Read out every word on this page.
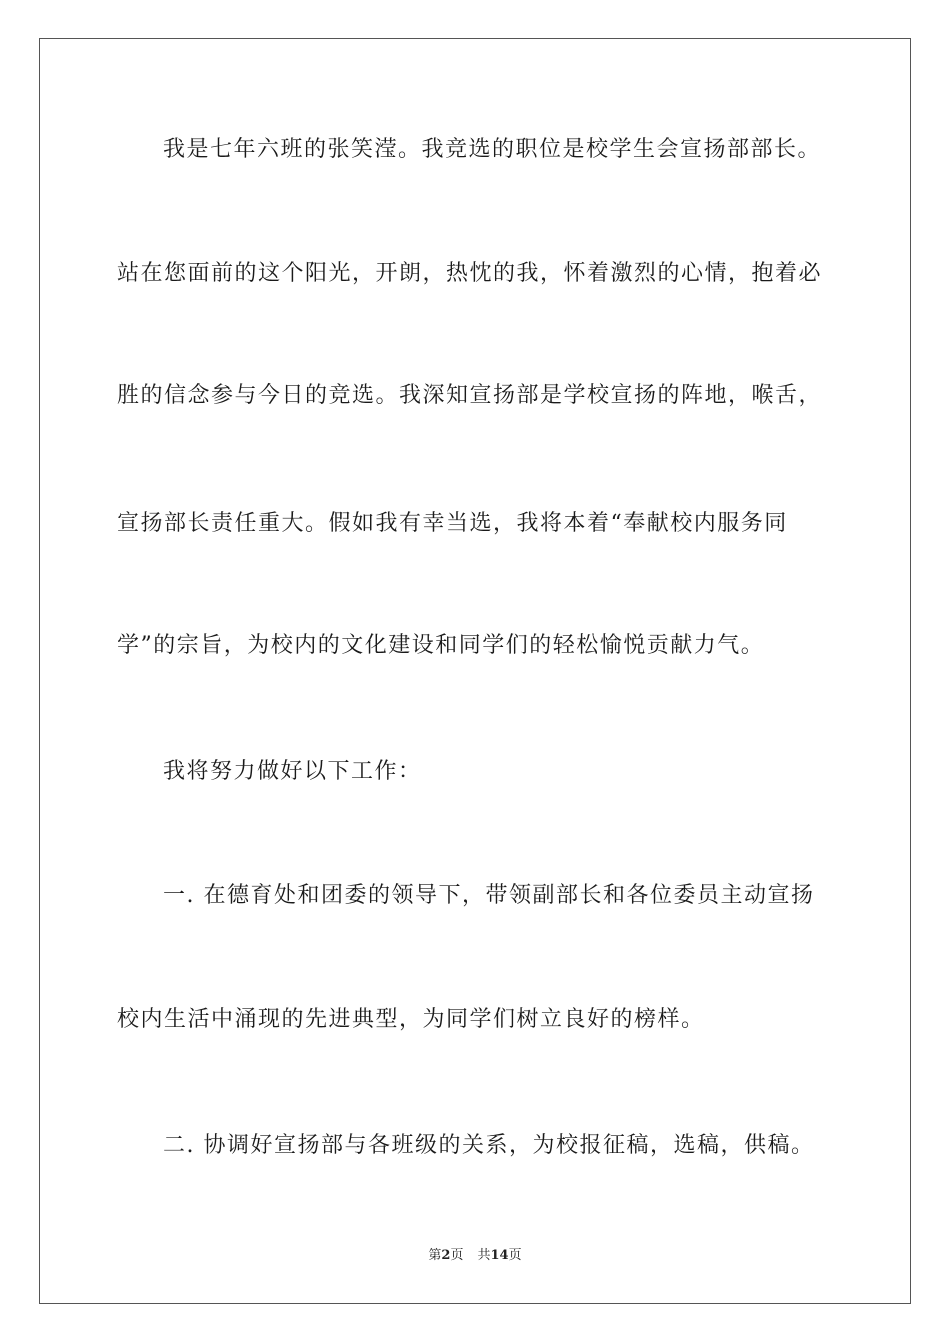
我是七年六班的张笑滢。我竞选的职位是校学生会宣扬部部长。
站在您面前的这个阳光，开朗，热忱的我，怀着激烈的心情，抱着必
胜的信念参与今日的竞选。我深知宣扬部是学校宣扬的阵地，喉舌，
宣扬部长责任重大。假如我有幸当选，我将本着“奉献校内服务同
学”的宗旨，为校内的文化建设和同学们的轻松愉悦贡献力气。
我将努力做好以下工作：
一. 在德育处和团委的领导下，带领副部长和各位委员主动宣扬
校内生活中涌现的先进典型，为同学们树立良好的榜样。
二. 协调好宣扬部与各班级的关系，为校报征稿，选稿，供稿。
第2页 共14页
